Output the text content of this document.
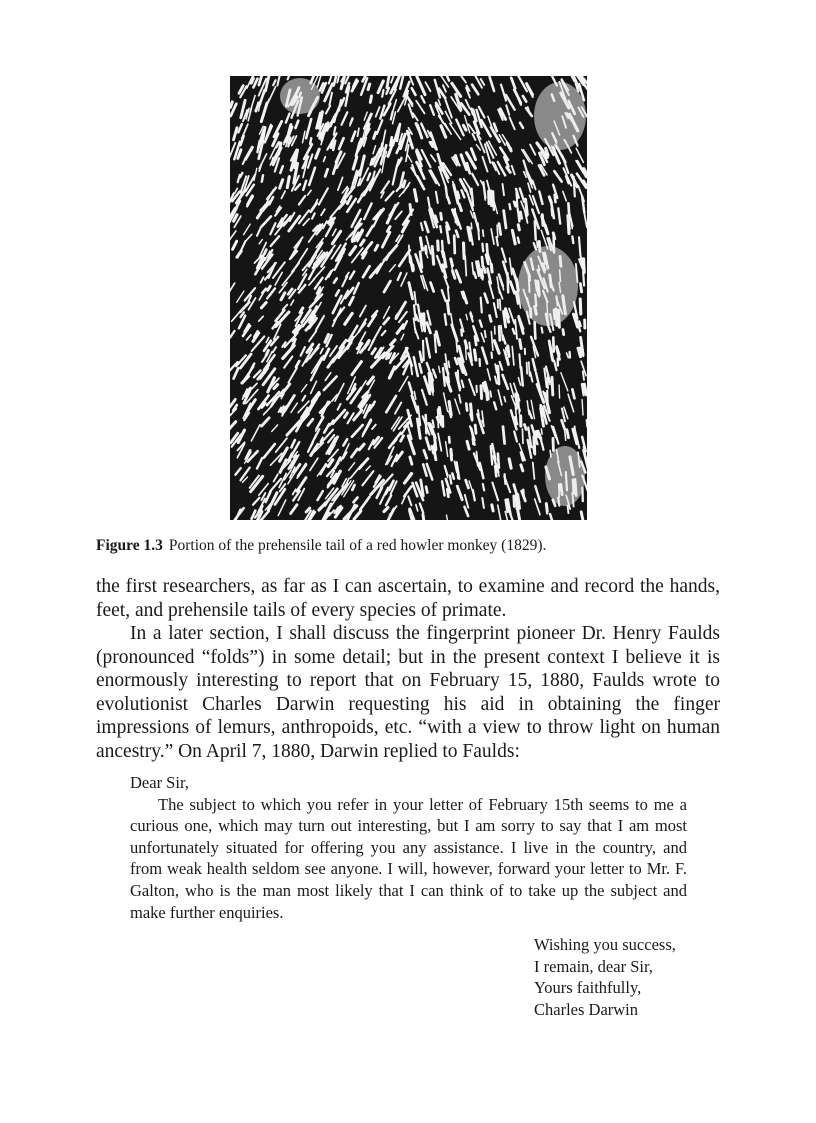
Figure 1.3 Portion of the prehensile tail of a red howler monkey (1829).

the first researchers, as far as I can ascertain, to examine and record the hands, feet, and prehensile tails of every species of primate.

In a later section, I shall discuss the fingerprint pioneer Dr. Henry Faulds (pronounced “folds”) in some detail; but in the present context I believe it is enormously interesting to report that on February 15, 1880, Faulds wrote to evolutionist Charles Darwin requesting his aid in obtaining the finger impressions of lemurs, anthropoids, etc. “with a view to throw light on human ancestry.” On April 7, 1880, Darwin replied to Faulds:

Dear Sir,

The subject to which you refer in your letter of February 15th seems to me a curious one, which may turn out interesting, but I am sorry to say that I am most unfortunately situated for offering you any assistance. I live in the country, and from weak health seldom see anyone. I will, however, forward your letter to Mr. F. Galton, who is the man most likely that I can think of to take up the subject and make further enquiries.

Wishing you success,
I remain, dear Sir,
Yours faithfully,
Charles Darwin
